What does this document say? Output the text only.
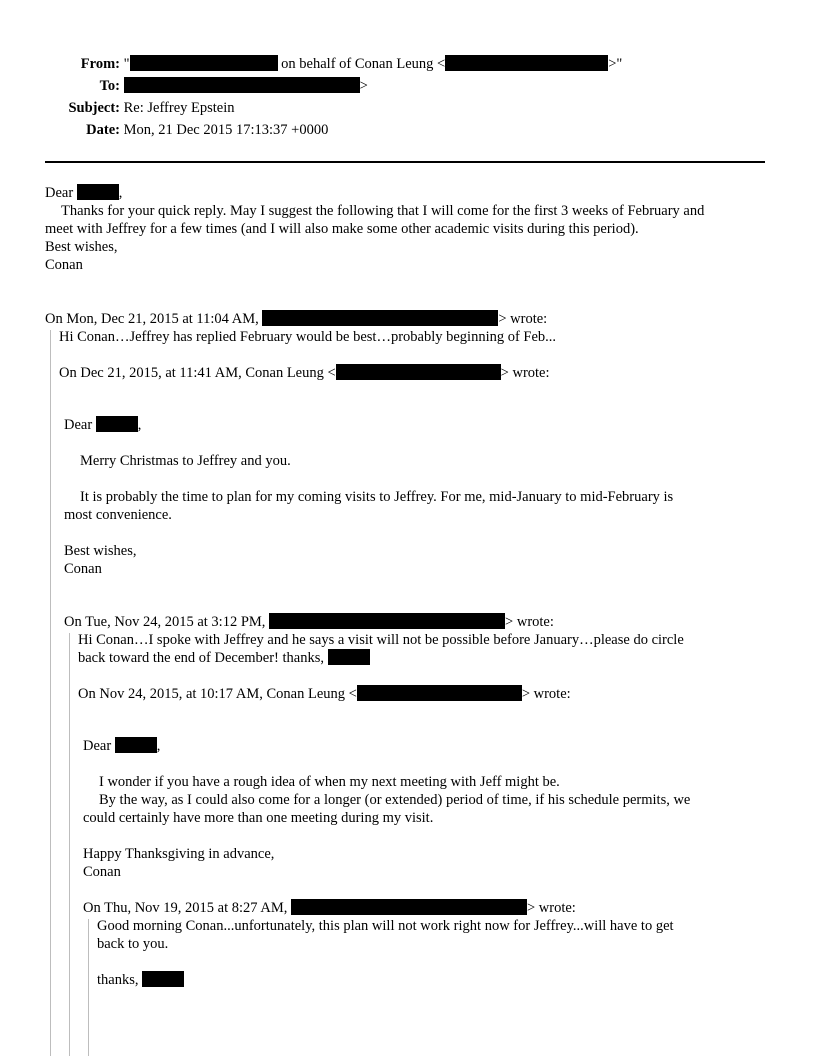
From: "	on behalf of Conan Leung <	>"
To:	>
Subject: Re: Jeffrey Epstein
Date: Mon, 21 Dec 2015 17:13:37 +0000
Dear	,
Thanks for your quick reply. May I suggest the following that I will come for the first 3 weeks of February and
meet with Jeffrey for a few times (and I will also make some other academic visits during this period).
Best wishes,
Conan
On Mon, Dec 21, 2015 at 11:04 AM,	> wrote:
Hi Conan…Jeffrey has replied February would be best…probably beginning of Feb...
On Dec 21, 2015, at 11:41 AM, Conan Leung <	> wrote:
Dear	,
Merry Christmas to Jeffrey and you.
It is probably the time to plan for my coming visits to Jeffrey. For me, mid-January to mid-February is
most convenience.
Best wishes,
Conan
On Tue, Nov 24, 2015 at 3:12 PM,	> wrote:
Hi Conan…I spoke with Jeffrey and he says a visit will not be possible before January…please do circle
back toward the end of December! thanks,
On Nov 24, 2015, at 10:17 AM, Conan Leung <	> wrote:
Dear	,
I wonder if you have a rough idea of when my next meeting with Jeff might be.
By the way, as I could also come for a longer (or extended) period of time, if his schedule permits, we
could certainly have more than one meeting during my visit.
Happy Thanksgiving in advance,
Conan
On Thu, Nov 19, 2015 at 8:27 AM,	> wrote:
Good morning Conan...unfortunately, this plan will not work right now for Jeffrey...will have to get
back to you.
thanks,
